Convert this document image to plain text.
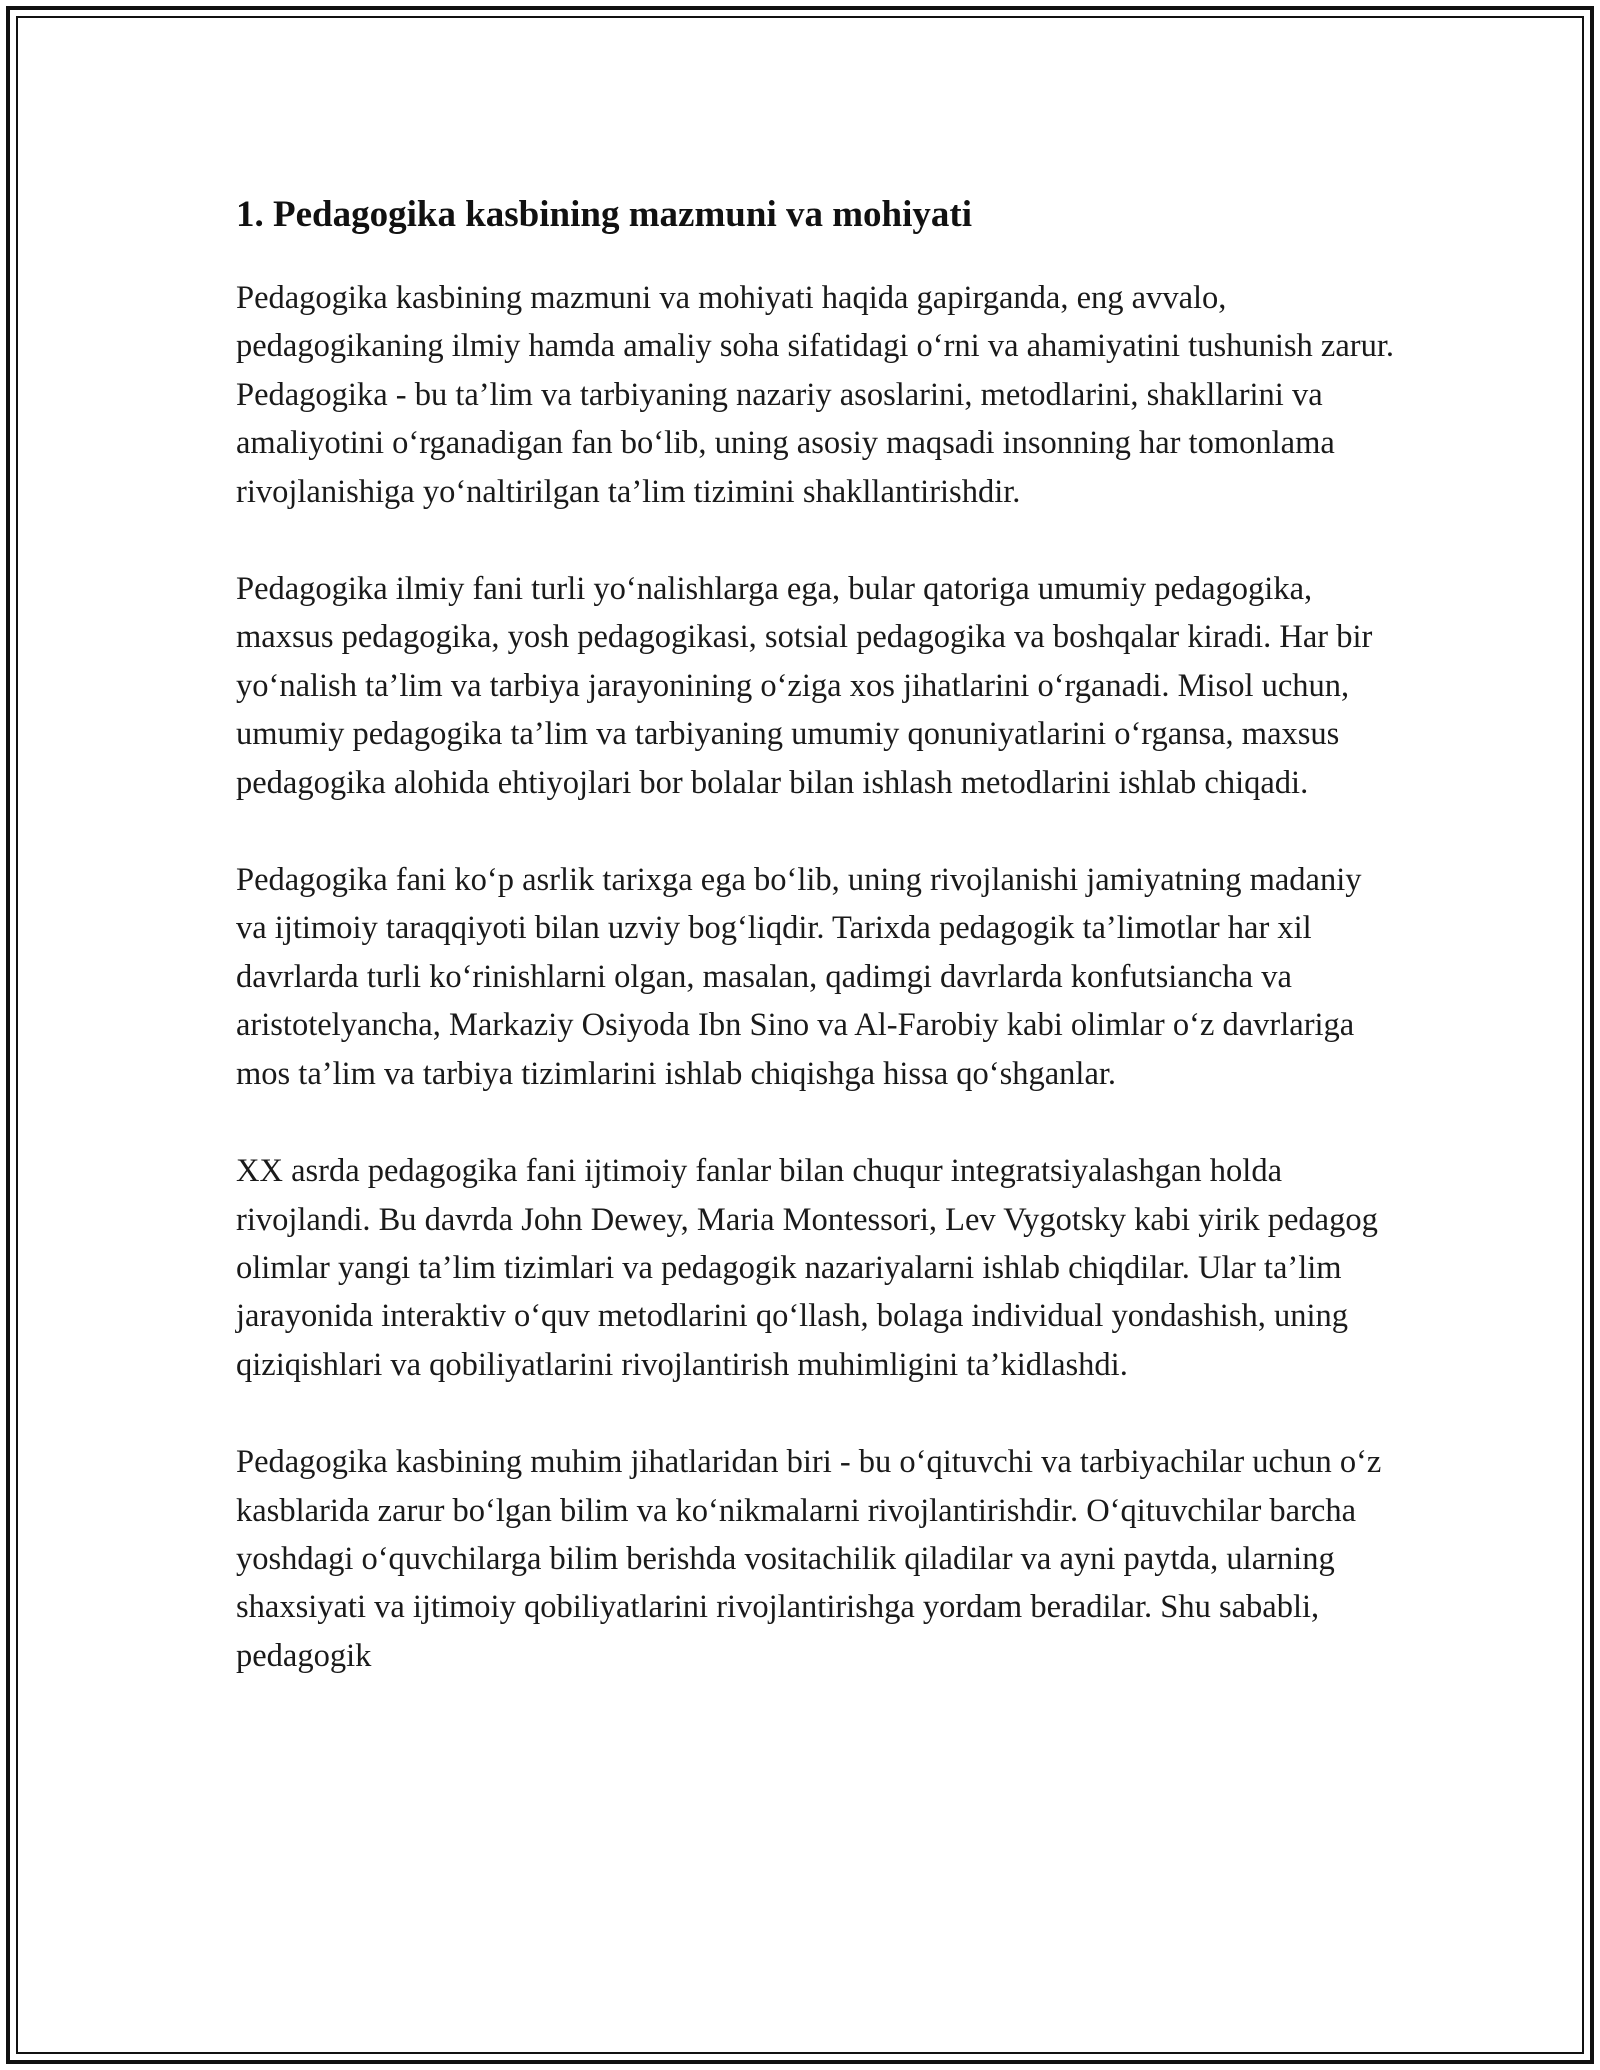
1. Pedagogika kasbining mazmuni va mohiyati

Pedagogika kasbining mazmuni va mohiyati haqida gapirganda, eng avvalo, pedagogikaning ilmiy hamda amaliy soha sifatidagi o‘rni va ahamiyatini tushunish zarur. Pedagogika - bu ta’lim va tarbiyaning nazariy asoslarini, metodlarini, shakllarini va amaliyotini o‘rganadigan fan bo‘lib, uning asosiy maqsadi insonning har tomonlama rivojlanishiga yo‘naltirilgan ta’lim tizimini shakllantirishdir.

Pedagogika ilmiy fani turli yo‘nalishlarga ega, bular qatoriga umumiy pedagogika, maxsus pedagogika, yosh pedagogikasi, sotsial pedagogika va boshqalar kiradi. Har bir yo‘nalish ta’lim va tarbiya jarayonining o‘ziga xos jihatlarini o‘rganadi. Misol uchun, umumiy pedagogika ta’lim va tarbiyaning umumiy qonuniyatlarini o‘rgansa, maxsus pedagogika alohida ehtiyojlari bor bolalar bilan ishlash metodlarini ishlab chiqadi.

Pedagogika fani ko‘p asrlik tarixga ega bo‘lib, uning rivojlanishi jamiyatning madaniy va ijtimoiy taraqqiyoti bilan uzviy bog‘liqdir. Tarixda pedagogik ta’limotlar har xil davrlarda turli ko‘rinishlarni olgan, masalan, qadimgi davrlarda konfutsiancha va aristotelyancha, Markaziy Osiyoda Ibn Sino va Al-Farobiy kabi olimlar o‘z davrlariga mos ta’lim va tarbiya tizimlarini ishlab chiqishga hissa qo‘shganlar.

XX asrda pedagogika fani ijtimoiy fanlar bilan chuqur integratsiyalashgan holda rivojlandi. Bu davrda John Dewey, Maria Montessori, Lev Vygotsky kabi yirik pedagog olimlar yangi ta’lim tizimlari va pedagogik nazariyalarni ishlab chiqdilar. Ular ta’lim jarayonida interaktiv o‘quv metodlarini qo‘llash, bolaga individual yondashish, uning qiziqishlari va qobiliyatlarini rivojlantirish muhimligini ta’kidlashdi.

Pedagogika kasbining muhim jihatlaridan biri - bu o‘qituvchi va tarbiyachilar uchun o‘z kasblarida zarur bo‘lgan bilim va ko‘nikmalarni rivojlantirishdir. O‘qituvchilar barcha yoshdagi o‘quvchilarga bilim berishda vositachilik qiladilar va ayni paytda, ularning shaxsiyati va ijtimoiy qobiliyatlarini rivojlantirishga yordam beradilar. Shu sababli, pedagogik
